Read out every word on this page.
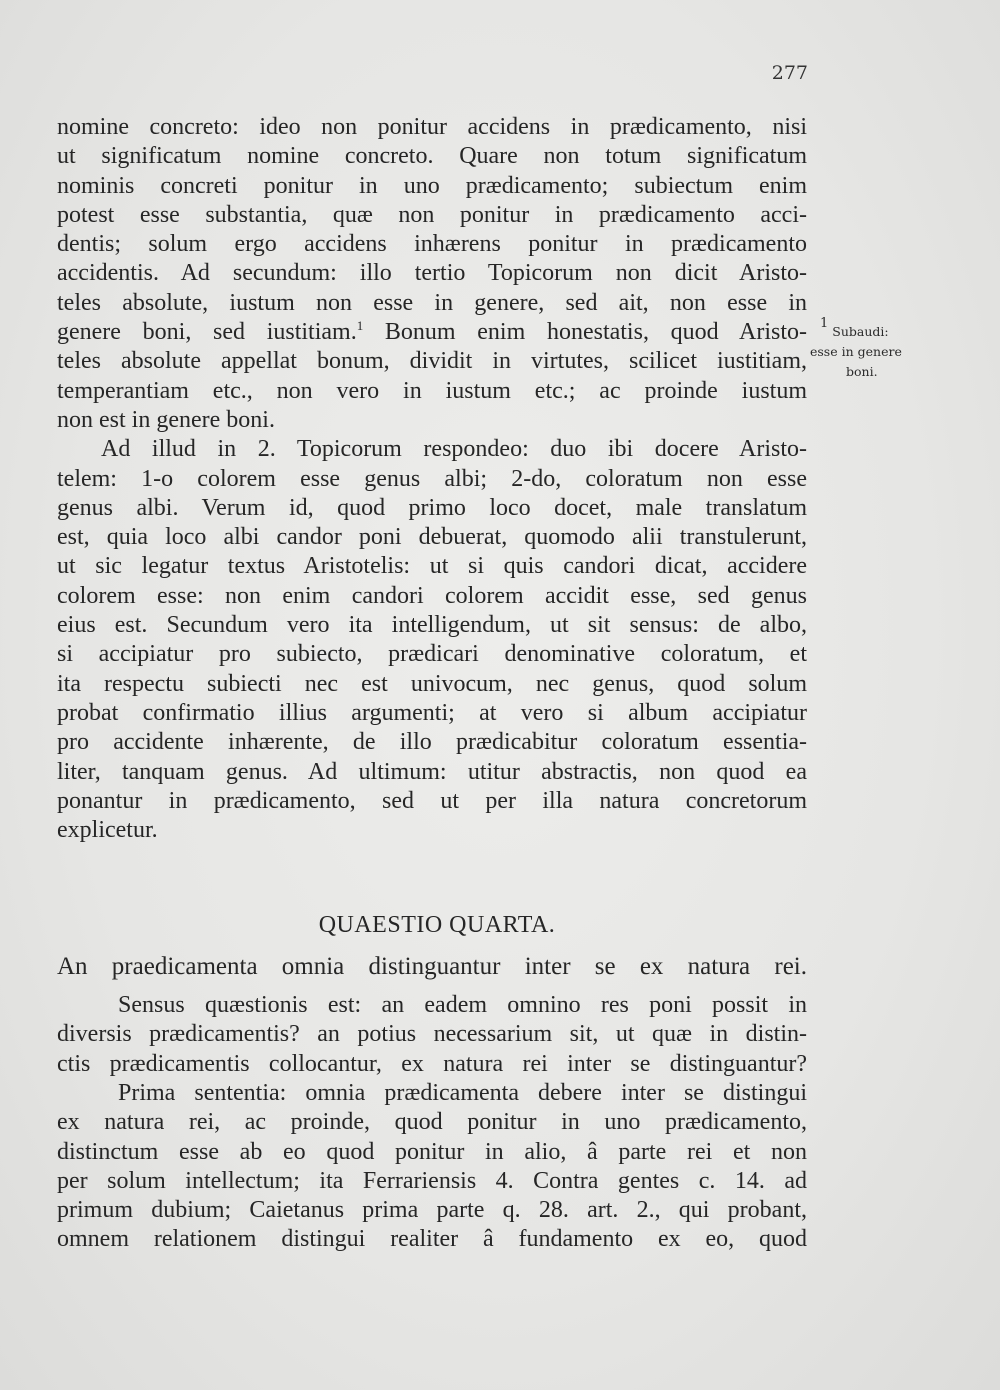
277
nomine concreto: ideo non ponitur accidens in prædicamento, nisi
ut significatum nomine concreto. Quare non totum significatum
nominis concreti ponitur in uno prædicamento; subiectum enim
potest esse substantia, quæ non ponitur in prædicamento acci-
dentis; solum ergo accidens inhærens ponitur in prædicamento
accidentis. Ad secundum: illo tertio Topicorum non dicit Aristo-
teles absolute, iustum non esse in genere, sed ait, non esse in
genere boni, sed iustitiam.$^1$ Bonum enim honestatis, quod Aristo-
teles absolute appellat bonum, dividit in virtutes, scilicet iustitiam,
temperantiam etc., non vero in iustum etc.; ac proinde iustum
non est in genere boni.
Ad illud in 2. Topicorum respondeo: duo ibi docere Aristo-
telem: 1-o colorem esse genus albi; 2-do, coloratum non esse
genus albi. Verum id, quod primo loco docet, male translatum
est, quia loco albi candor poni debuerat, quomodo alii transtulerunt,
ut sic legatur textus Aristotelis: ut si quis candori dicat, accidere
colorem esse: non enim candori colorem accidit esse, sed genus
eius est. Secundum vero ita intelligendum, ut sit sensus: de albo,
si accipiatur pro subiecto, prædicari denominative coloratum, et
ita respectu subiecti nec est univocum, nec genus, quod solum
probat confirmatio illius argumenti; at vero si album accipiatur
pro accidente inhærente, de illo prædicabitur coloratum essentia-
liter, tanquam genus. Ad ultimum: utitur abstractis, non quod ea
ponantur in prædicamento, sed ut per illa natura concretorum
explicetur.
QUAESTIO QUARTA.
An praedicamenta omnia distinguantur inter se ex natura rei.
Sensus quæstionis est: an eadem omnino res poni possit in
diversis prædicamentis? an potius necessarium sit, ut quæ in distin-
ctis prædicamentis collocantur, ex natura rei inter se distinguantur?
Prima sententia: omnia prædicamenta debere inter se distingui
ex natura rei, ac proinde, quod ponitur in uno prædicamento,
distinctum esse ab eo quod ponitur in alio, â parte rei et non
per solum intellectum; ita Ferrariensis 4. Contra gentes c. 14. ad
primum dubium; Caietanus prima parte q. 28. art. 2., qui probant,
omnem relationem distingui realiter â fundamento ex eo, quod
$^1$ Subaudi:
esse in genere
boni.
